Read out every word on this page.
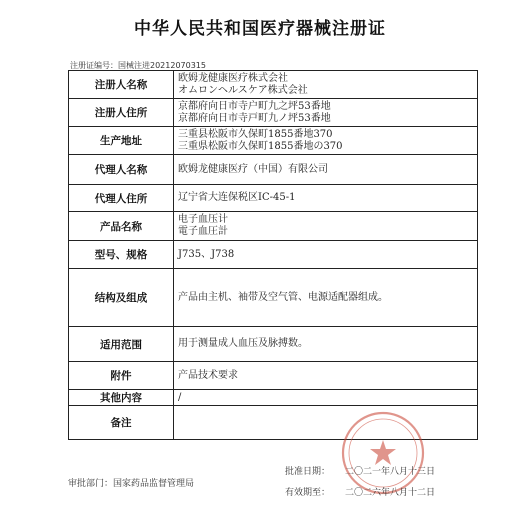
中华人民共和国医疗器械注册证
注册证编号：国械注进20212070315
注册人名称	欧姆龙健康医疗株式会社
オムロンヘルスケア株式会社

注册人住所	京都府向日市寺户町九之坪53番地
京都府向日市寺戸町九ノ坪53番地

生产地址	三重县松阪市久保町1855番地370
三重県松阪市久保町1855番地の370

代理人名称	欧姆龙健康医疗（中国）有限公司

代理人住所	辽宁省大连保税区IC-45-1

产品名称	电子血压计
電子血圧計

型号、规格	J735、J738

结构及组成	产品由主机、袖带及空气管、电源适配器组成。

适用范围	用于测量成人血压及脉搏数。

附件	产品技术要求

其他内容	/

备注	
审批部门：国家药品监督管理局
批准日期：	二〇二一年八月十三日
有效期至：	二〇二六年八月十二日
